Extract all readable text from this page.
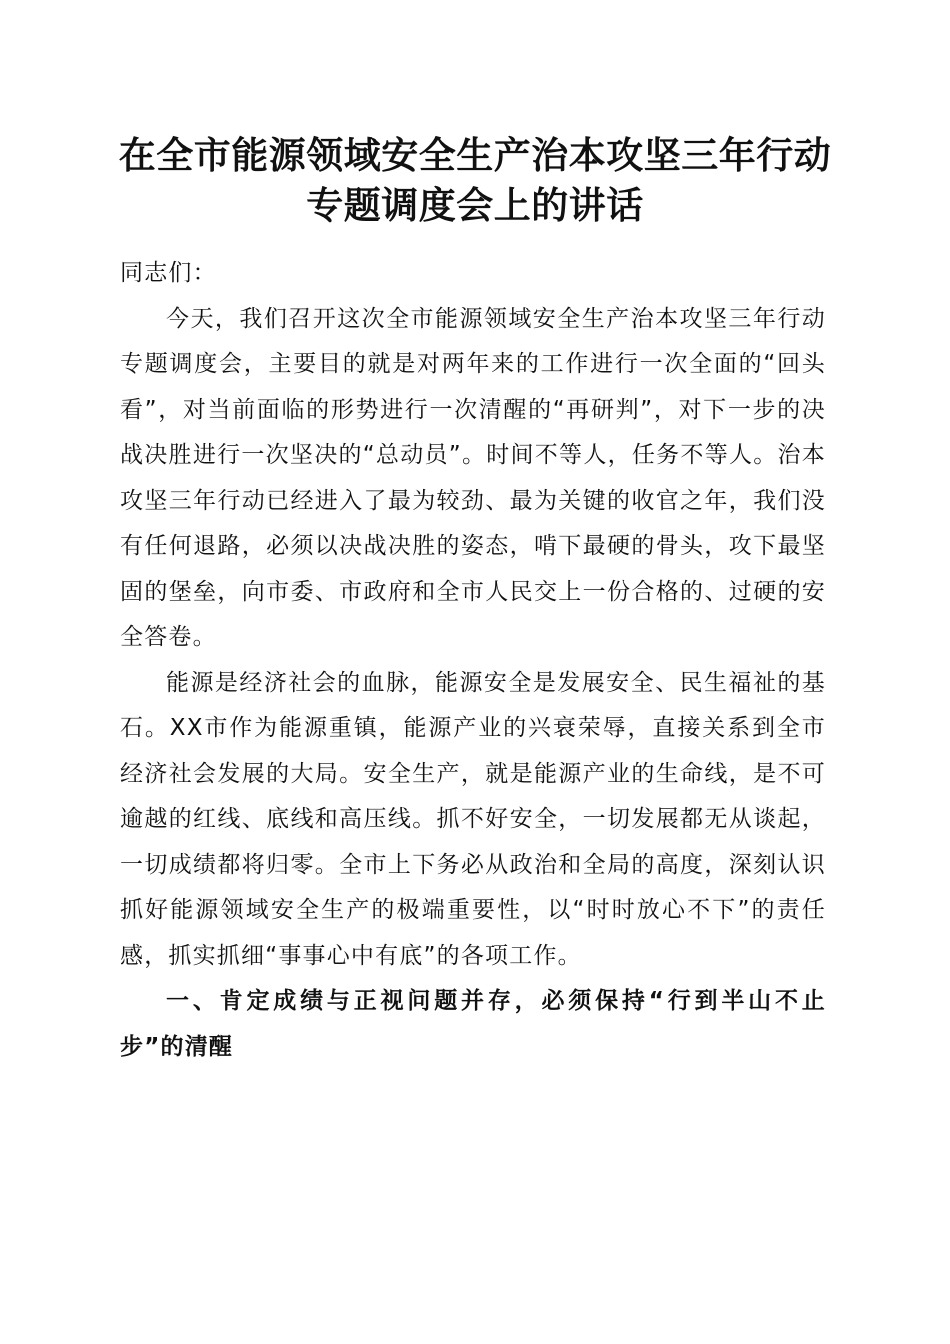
在全市能源领域安全生产治本攻坚三年行动专题调度会上的讲话

同志们：

今天，我们召开这次全市能源领域安全生产治本攻坚三年行动专题调度会，主要目的就是对两年来的工作进行一次全面的“回头看”，对当前面临的形势进行一次清醒的“再研判”，对下一步的决战决胜进行一次坚决的“总动员”。时间不等人，任务不等人。治本攻坚三年行动已经进入了最为较劲、最为关键的收官之年，我们没有任何退路，必须以决战决胜的姿态，啃下最硬的骨头，攻下最坚固的堡垒，向市委、市政府和全市人民交上一份合格的、过硬的安全答卷。

能源是经济社会的血脉，能源安全是发展安全、民生福祉的基石。XX市作为能源重镇，能源产业的兴衰荣辱，直接关系到全市经济社会发展的大局。安全生产，就是能源产业的生命线，是不可逾越的红线、底线和高压线。抓不好安全，一切发展都无从谈起，一切成绩都将归零。全市上下务必从政治和全局的高度，深刻认识抓好能源领域安全生产的极端重要性，以“时时放心不下”的责任感，抓实抓细“事事心中有底”的各项工作。

一、肯定成绩与正视问题并存，必须保持“行到半山不止步”的清醒
